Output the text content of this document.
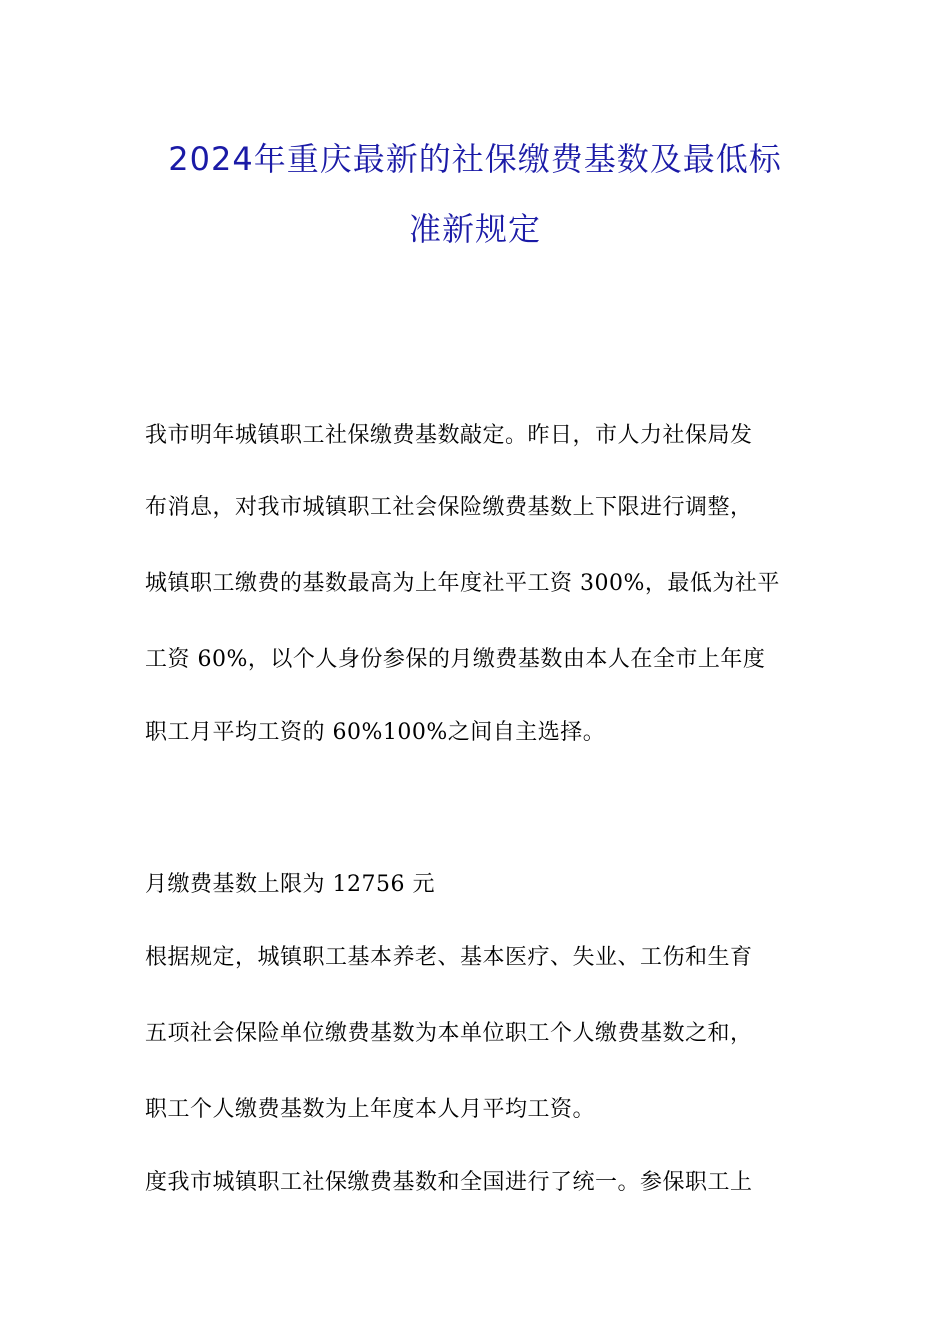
2024年重庆最新的社保缴费基数及最低标
准新规定
我市明年城镇职工社保缴费基数敲定。昨日，市人力社保局发
布消息，对我市城镇职工社会保险缴费基数上下限进行调整，
城镇职工缴费的基数最高为上年度社平工资 300%，最低为社平
工资 60%，以个人身份参保的月缴费基数由本人在全市上年度
职工月平均工资的 60%100%之间自主选择。
月缴费基数上限为 12756 元
根据规定，城镇职工基本养老、基本医疗、失业、工伤和生育
五项社会保险单位缴费基数为本单位职工个人缴费基数之和，
职工个人缴费基数为上年度本人月平均工资。
度我市城镇职工社保缴费基数和全国进行了统一。参保职工上
